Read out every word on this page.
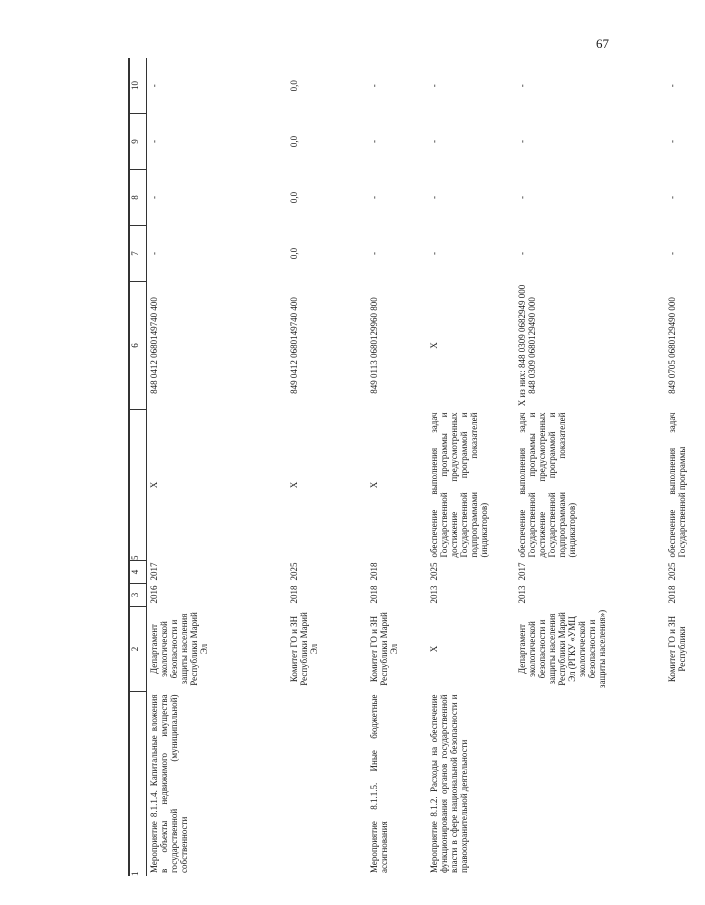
67

1	2	3	4	5	6	7	8	9	10
Мероприятие 8.1.1.4. Капитальные вложения в объекты недвижимого имущества государственной (муниципальной) собственности	Департамент экологической безопасности и защиты населения Республики Марий Эл	2016	2017	X	848 0412 0680149740 400	-	-	-	-
	Комитет ГО и ЗН Республики Марий Эл	2018	2025	X	849 0412 0680149740 400	0,0	0,0	0,0	0,0
Мероприятие 8.1.1.5. Иные бюджетные ассигнования	Комитет ГО и ЗН Республики Марий Эл	2018	2018	X	849 0113 0680129960 800	-	-	-	-
Мероприятие 8.1.2. Расходы на обеспечение функционирования органов государственной власти в сфере национальной безопасности и правоохранительной деятельности	X	2013	2025	обеспечение выполнения задач Государственной программы и достижение предусмотренных Государственной программой и подпрограммами показателей (индикаторов)	X	-	-	-	-
	Департамент экологической безопасности и защиты населения Республики Марий Эл (РГКУ «УМЦ экологической безопасности и защиты населения»)	2013	2017	обеспечение выполнения задач Государственной программы и достижение предусмотренных Государственной программой и подпрограммами показателей (индикаторов)	X из них: 848 0309 0682949 000 848 0309 0680129490 000	-	-	-	-
	Комитет ГО и ЗН Республики	2018	2025	обеспечение выполнения задач Государственной программы	849 0705 0680129490 000	-	-	-	-
